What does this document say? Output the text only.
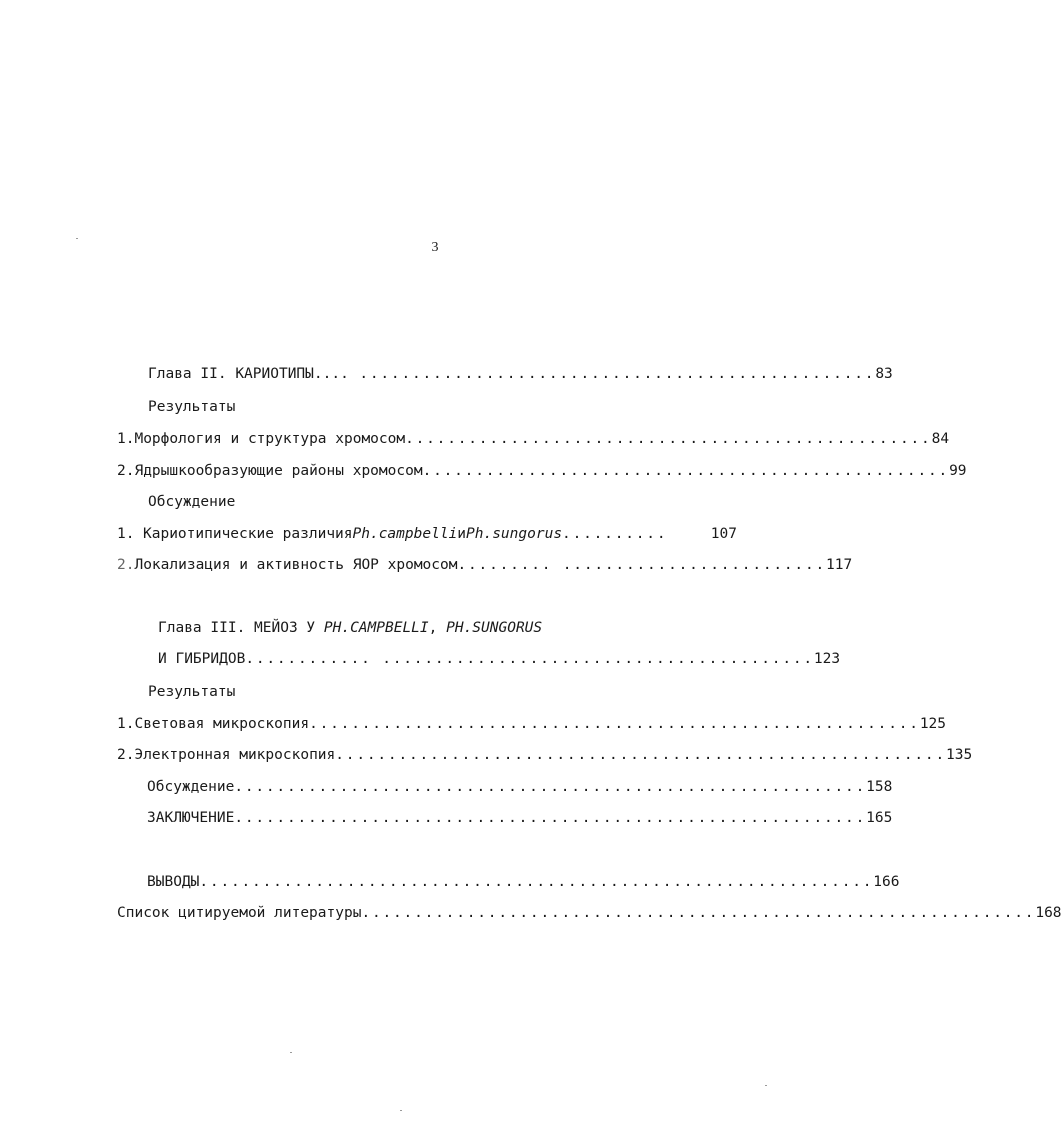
3
Глава II.
КАРИОТИПЫ.... ................................................. 83
Результаты
1. Морфология и структура хромосом .................................................. 84
2. Ядрышкообразующие районы хромосом .................................................. 99
Обсуждение
1. Кариотипические различия Ph.campbelli и Ph.sungorus ..........	107
2. Локализация и активность ЯОР хромосом ......... ......................... 117
Глава III. МЕЙОЗ У PH.CAMPBELLI, PH.SUNGORUS
И ГИБРИДОВ ............ ......................................... 123
Результаты
1. Световая микроскопия .......................................................... 125
2. Электронная микроскопия .......................................................... 135
Обсуждение ............................................................ 158
ЗАКЛЮЧЕНИЕ ............................................................ 165
ВЫВОДЫ ................................................................ 166
Список цитируемой литературы ................................................................ 168
